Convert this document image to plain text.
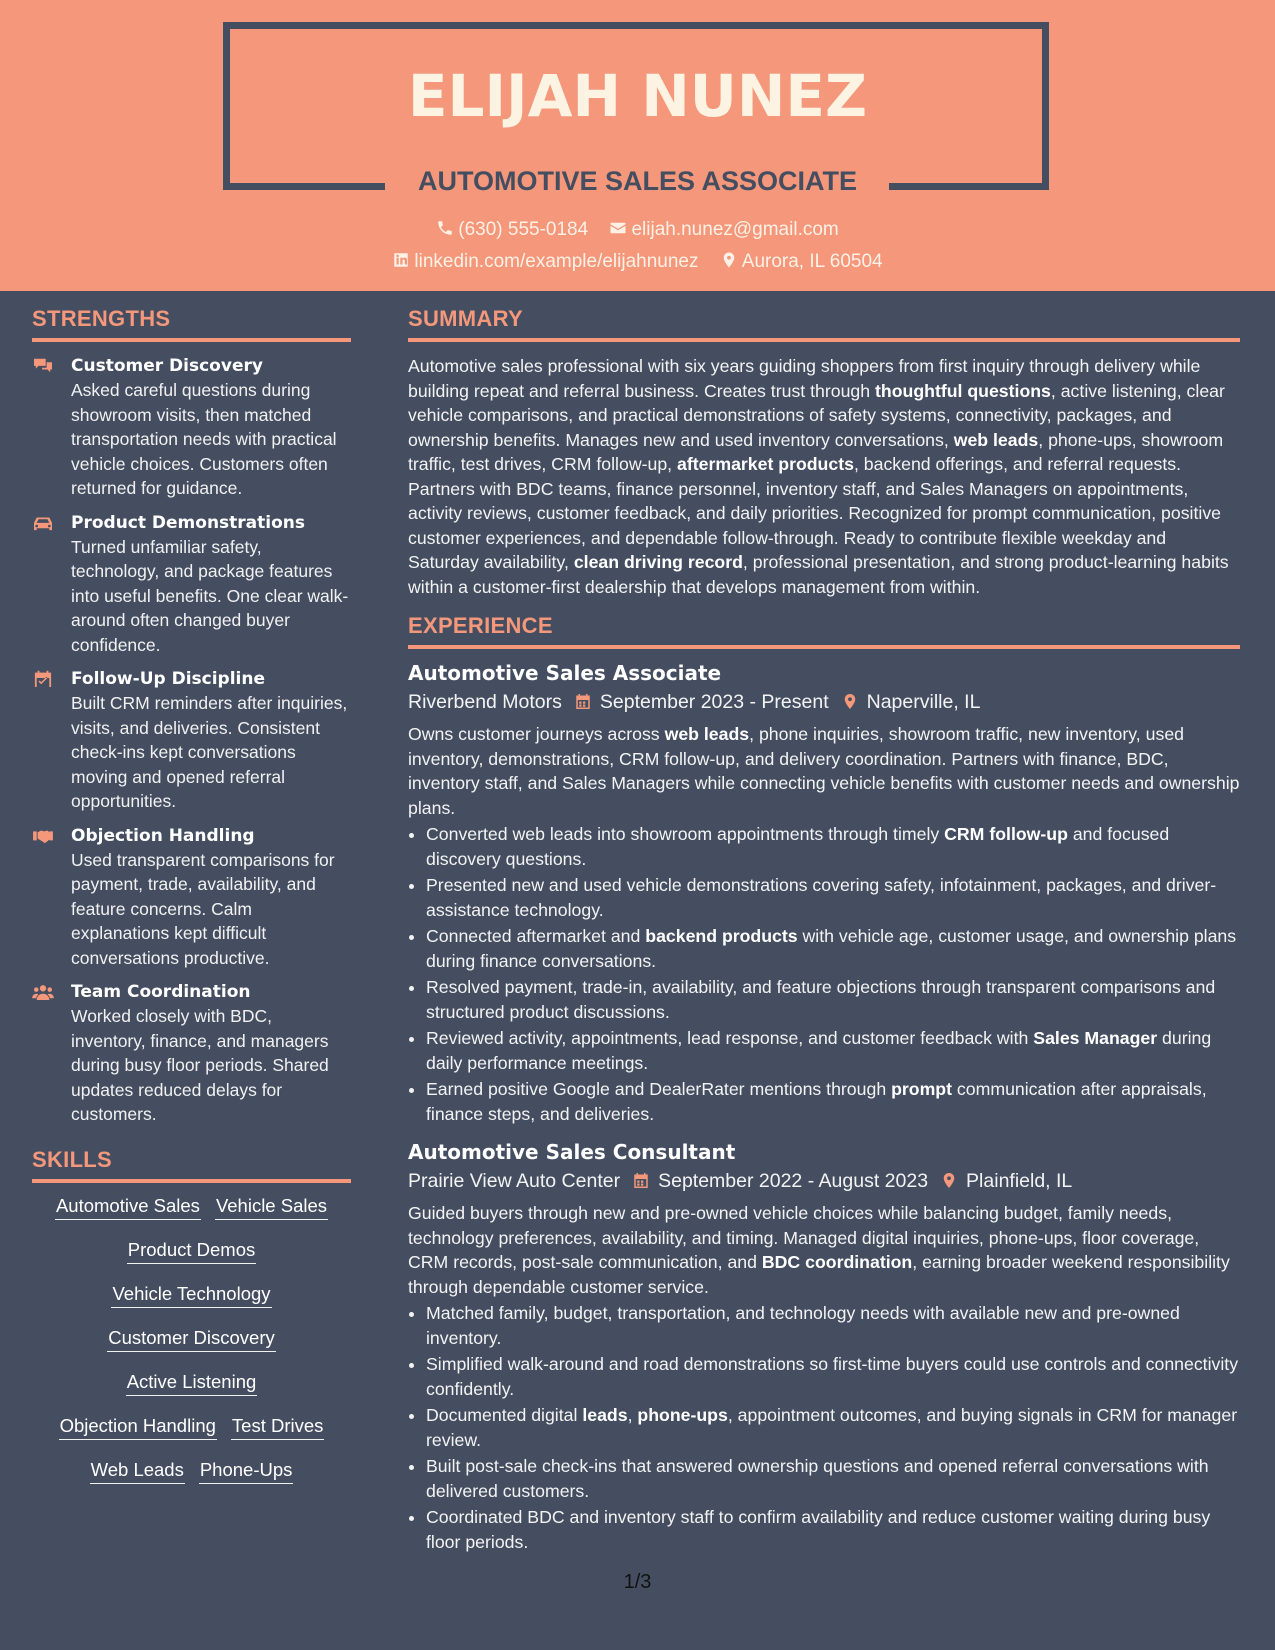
ELIJAH NUNEZ
AUTOMOTIVE SALES ASSOCIATE
(630) 555-0184 elijah.nunez@gmail.com
linkedin.com/example/elijahnunez Aurora, IL 60504
STRENGTHS
Customer Discovery
Asked careful questions during showroom visits, then matched transportation needs with practical vehicle choices. Customers often returned for guidance.
Product Demonstrations
Turned unfamiliar safety, technology, and package features into useful benefits. One clear walk-around often changed buyer confidence.
Follow-Up Discipline
Built CRM reminders after inquiries, visits, and deliveries. Consistent check-ins kept conversations moving and opened referral opportunities.
Objection Handling
Used transparent comparisons for payment, trade, availability, and feature concerns. Calm explanations kept difficult conversations productive.
Team Coordination
Worked closely with BDC, inventory, finance, and managers during busy floor periods. Shared updates reduced delays for customers.
SKILLS
Automotive Sales Vehicle Sales
Product Demos
Vehicle Technology
Customer Discovery
Active Listening
Objection Handling Test Drives
Web Leads Phone-Ups
SUMMARY
Automotive sales professional with six years guiding shoppers from first inquiry through delivery while building repeat and referral business. Creates trust through thoughtful questions, active listening, clear vehicle comparisons, and practical demonstrations of safety systems, connectivity, packages, and ownership benefits. Manages new and used inventory conversations, web leads, phone-ups, showroom traffic, test drives, CRM follow-up, aftermarket products, backend offerings, and referral requests. Partners with BDC teams, finance personnel, inventory staff, and Sales Managers on appointments, activity reviews, customer feedback, and daily priorities. Recognized for prompt communication, positive customer experiences, and dependable follow-through. Ready to contribute flexible weekday and Saturday availability, clean driving record, professional presentation, and strong product-learning habits within a customer-first dealership that develops management from within.
EXPERIENCE
Automotive Sales Associate
Riverbend Motors September 2023 - Present Naperville, IL
Owns customer journeys across web leads, phone inquiries, showroom traffic, new inventory, used inventory, demonstrations, CRM follow-up, and delivery coordination. Partners with finance, BDC, inventory staff, and Sales Managers while connecting vehicle benefits with customer needs and ownership plans.
• Converted web leads into showroom appointments through timely CRM follow-up and focused discovery questions.
• Presented new and used vehicle demonstrations covering safety, infotainment, packages, and driver-assistance technology.
• Connected aftermarket and backend products with vehicle age, customer usage, and ownership plans during finance conversations.
• Resolved payment, trade-in, availability, and feature objections through transparent comparisons and structured product discussions.
• Reviewed activity, appointments, lead response, and customer feedback with Sales Manager during daily performance meetings.
• Earned positive Google and DealerRater mentions through prompt communication after appraisals, finance steps, and deliveries.
Automotive Sales Consultant
Prairie View Auto Center September 2022 - August 2023 Plainfield, IL
Guided buyers through new and pre-owned vehicle choices while balancing budget, family needs, technology preferences, availability, and timing. Managed digital inquiries, phone-ups, floor coverage, CRM records, post-sale communication, and BDC coordination, earning broader weekend responsibility through dependable customer service.
• Matched family, budget, transportation, and technology needs with available new and pre-owned inventory.
• Simplified walk-around and road demonstrations so first-time buyers could use controls and connectivity confidently.
• Documented digital leads, phone-ups, appointment outcomes, and buying signals in CRM for manager review.
• Built post-sale check-ins that answered ownership questions and opened referral conversations with delivered customers.
• Coordinated BDC and inventory staff to confirm availability and reduce customer waiting during busy floor periods.
1/3
